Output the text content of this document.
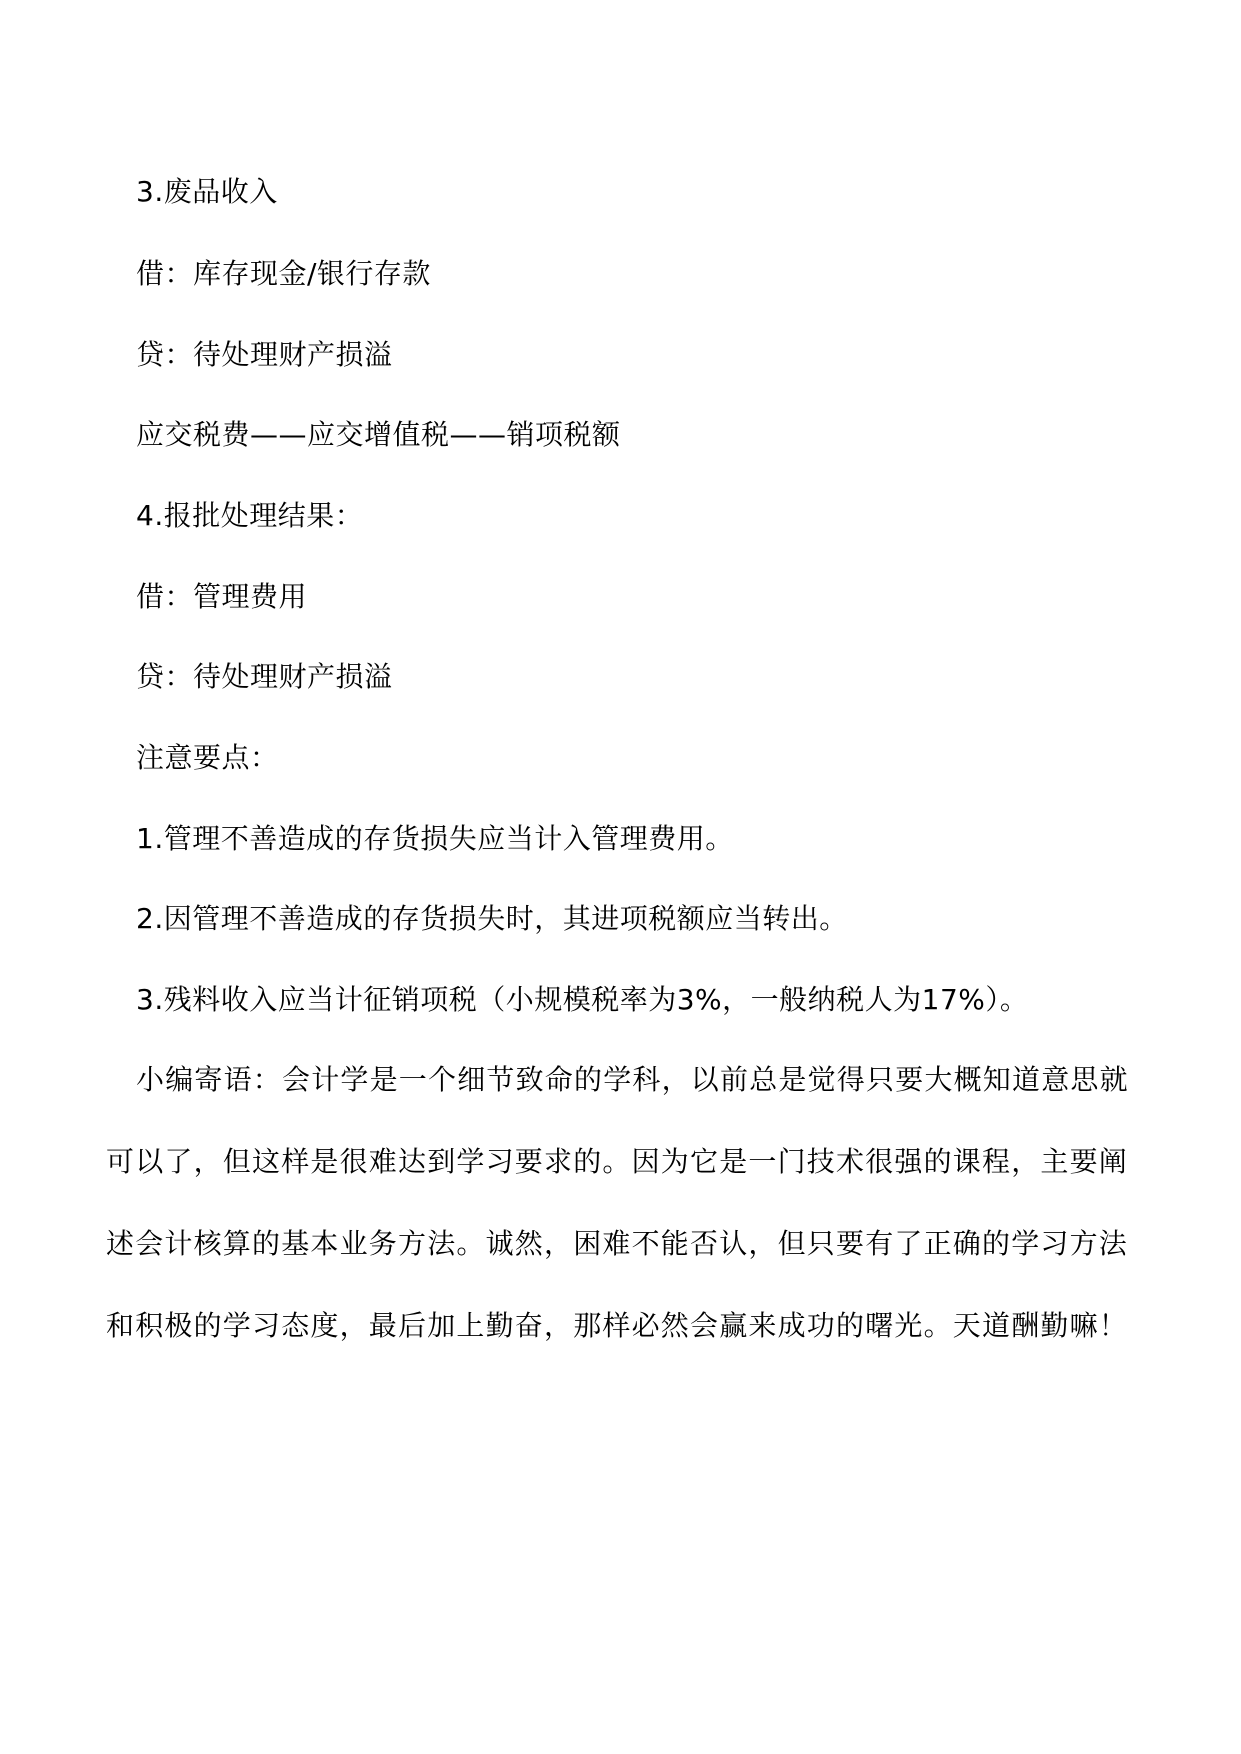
3.废品收入
借：库存现金/银行存款
贷：待处理财产损溢
应交税费——应交增值税——销项税额
4.报批处理结果：
借：管理费用
贷：待处理财产损溢
注意要点：
1.管理不善造成的存货损失应当计入管理费用。
2.因管理不善造成的存货损失时，其进项税额应当转出。
3.残料收入应当计征销项税（小规模税率为3%，一般纳税人为17%）。

小编寄语：会计学是一个细节致命的学科，以前总是觉得只要大概知道意思就可以了，但这样是很难达到学习要求的。因为它是一门技术很强的课程，主要阐述会计核算的基本业务方法。诚然，困难不能否认，但只要有了正确的学习方法和积极的学习态度，最后加上勤奋，那样必然会赢来成功的曙光。天道酬勤嘛！
